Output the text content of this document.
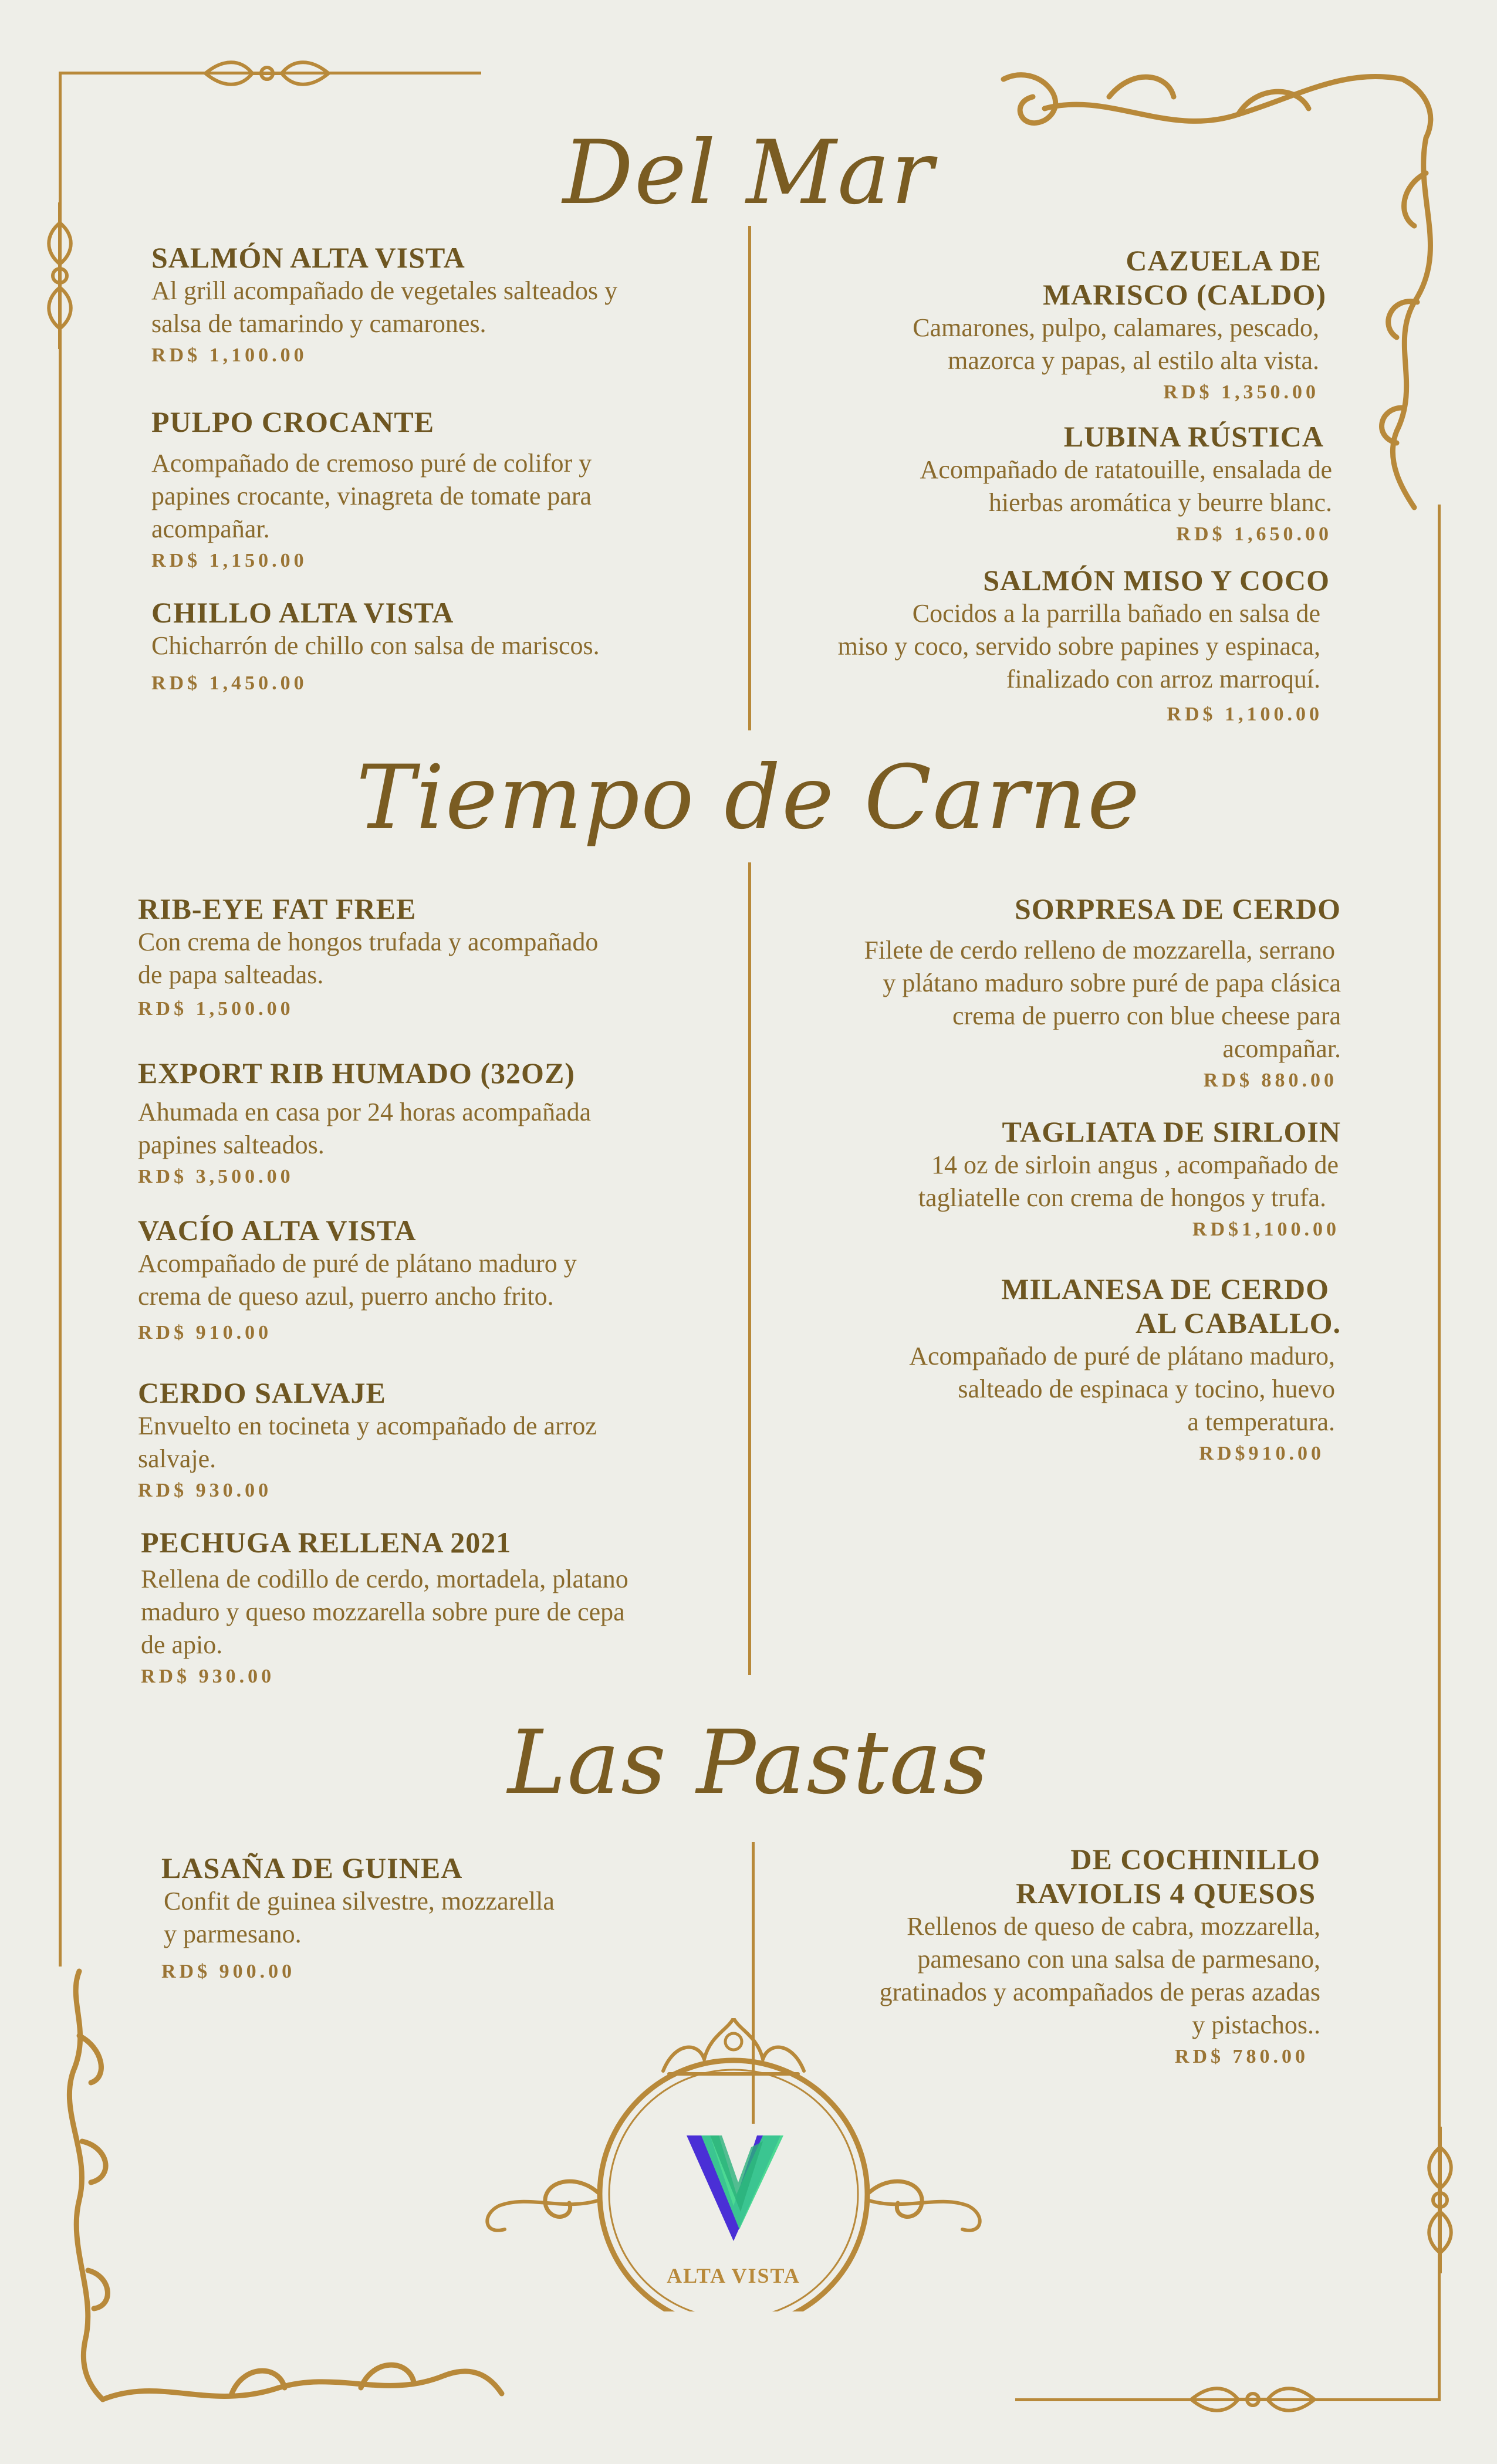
Del Mar
SALMÓN ALTA VISTA
Al grill acompañado de vegetales salteados y
salsa de tamarindo y camarones.
RD$ 1,100.00
PULPO CROCANTE
Acompañado de cremoso puré de colifor y
papines crocante, vinagreta de tomate para
acompañar.
RD$ 1,150.00
CHILLO ALTA VISTA
Chicharrón de chillo con salsa de mariscos.
RD$ 1,450.00
CAZUELA DE
MARISCO (CALDO)
Camarones, pulpo, calamares, pescado,
mazorca y papas, al estilo alta vista.
RD$ 1,350.00
LUBINA RÚSTICA
Acompañado de ratatouille, ensalada de
hierbas aromática y beurre blanc.
RD$ 1,650.00
SALMÓN MISO Y COCO
Cocidos a la parrilla bañado en salsa de
miso y coco, servido sobre papines y espinaca,
finalizado con arroz marroquí.
RD$ 1,100.00
Tiempo de Carne
RIB-EYE FAT FREE
Con crema de hongos trufada y acompañado
de papa salteadas.
RD$ 1,500.00
EXPORT RIB HUMADO (32OZ)
Ahumada en casa por 24 horas acompañada
papines salteados.
RD$ 3,500.00
VACÍO ALTA VISTA
Acompañado de puré de plátano maduro y
crema de queso azul, puerro ancho frito.
RD$ 910.00
CERDO SALVAJE
Envuelto en tocineta y acompañado de arroz
salvaje.
RD$ 930.00
PECHUGA RELLENA 2021
Rellena de codillo de cerdo, mortadela, platano
maduro y queso mozzarella sobre pure de cepa
de apio.
RD$ 930.00
SORPRESA DE CERDO
Filete de cerdo relleno de mozzarella, serrano
y plátano maduro sobre puré de papa clásica
crema de puerro con blue cheese para
acompañar.
RD$ 880.00
TAGLIATA DE SIRLOIN
14 oz de sirloin angus , acompañado de
tagliatelle con crema de hongos y trufa.
RD$1,100.00
MILANESA DE CERDO
AL CABALLO.
Acompañado de puré de plátano maduro,
salteado de espinaca y tocino, huevo
a temperatura.
RD$910.00
Las Pastas
LASAÑA DE GUINEA
Confit de guinea silvestre, mozzarella
y parmesano.
RD$ 900.00
DE COCHINILLO
RAVIOLIS 4 QUESOS
Rellenos de queso de cabra, mozzarella,
pamesano con una salsa de parmesano,
gratinados y acompañados de peras azadas
y pistachos..
RD$ 780.00
ALTA VISTA
